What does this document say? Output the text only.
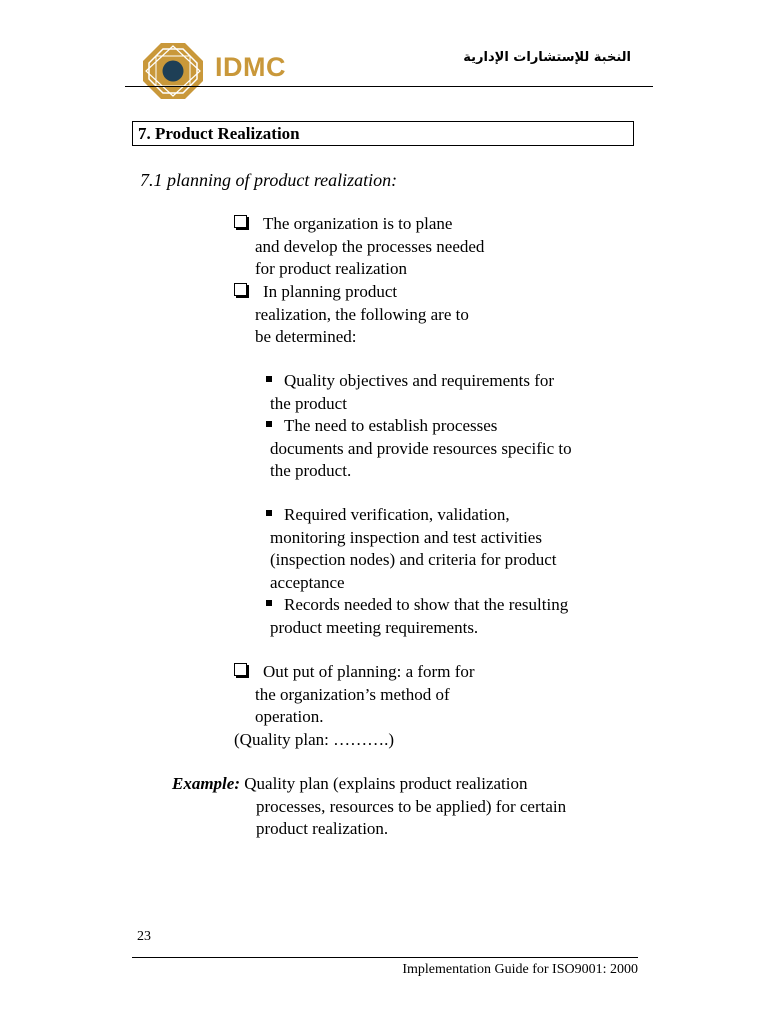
IDMC	النخبة للإستشارات الإدارية
7. Product Realization
7.1 planning of product realization:
The organization is to plane
and develop the processes needed
for product realization
In planning product
realization, the following are to
be determined:
Quality objectives and requirements for
the product
The need to establish processes
documents and provide resources specific to
the product.
Required verification, validation,
monitoring inspection and test activities
(inspection nodes) and criteria for product
acceptance
Records needed to show that the resulting
product meeting requirements.
Out put of planning: a form for
the organization’s method of
operation.
(Quality plan: ……….)
Example: Quality plan (explains product realization
processes, resources to be applied) for certain
product realization.
23
Implementation Guide for ISO9001: 2000
